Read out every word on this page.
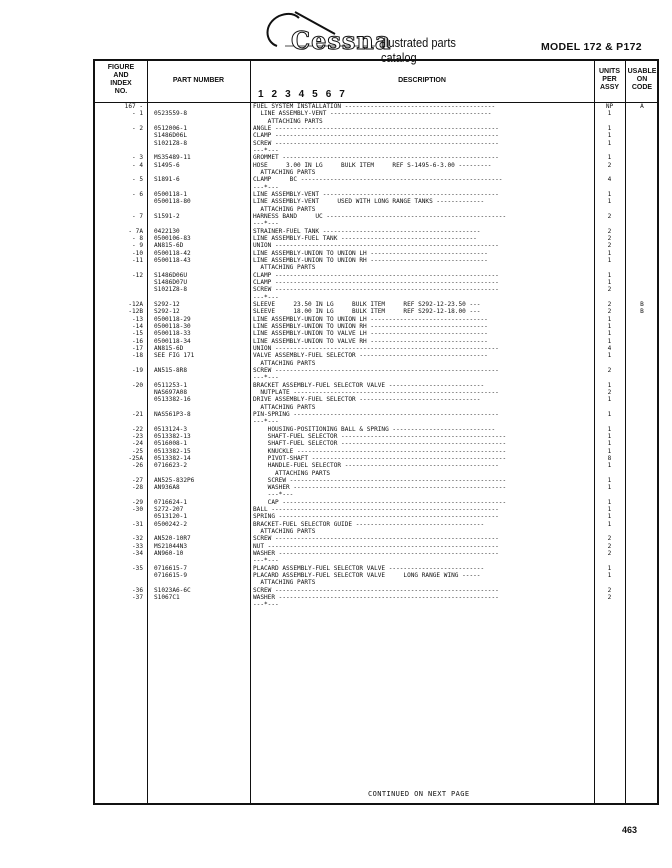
Cessna
illustrated parts catalog
MODEL 172 & P172
FIGURE
AND
INDEX
NO.
PART NUMBER	DESCRIPTION
UNITS
PER
ASSY
USABLE
ON
CODE
1 2 3 4 5 6 7
167 -	FUEL SYSTEM INSTALLATION -----------------------------------------	NP	A
- 1 0523559-8	LINE ASSEMBLY-VENT --------------------------------------------	1
ATTACHING PARTS
- 2 0512006-1	ANGLE -------------------------------------------------------------	1
S1486D06L	CLAMP -------------------------------------------------------------	1
S1021Z8-8	SCREW -------------------------------------------------------------	1
---*---
- 3 MS35489-11	GROMMET -----------------------------------------------------------	1
- 4 S1495-6	HOSE     3.00 IN LG     BULK ITEM     REF S-1495-6-3.00 ---------	2
ATTACHING PARTS
- 5 S1891-6	CLAMP     BC -------------------------------------------------------	4
---*---
- 6 0500118-1	LINE ASSEMBLY-VENT ------------------------------------------------	1
0500118-80	LINE ASSEMBLY-VENT     USED WITH LONG RANGE TANKS -------------	1
ATTACHING PARTS
- 7 S1591-2	HARNESS BAND     UC -------------------------------------------------	2
---*---
- 7A 0422130	STRAINER-FUEL TANK -------------------------------------------	2
- 8 0500106-83	LINE ASSEMBLY-FUEL TANK -------------------------------------	2
- 9 AN815-6D	UNION -------------------------------------------------------------	2
-10 0500118-42	LINE ASSEMBLY-UNION TO UNION LH --------------------------------	1
-11 0500118-43	LINE ASSEMBLY-UNION TO UNION RH --------------------------------	1
ATTACHING PARTS
-12 S1486D06U	CLAMP -------------------------------------------------------------	1
S1486D07U	CLAMP -------------------------------------------------------------	1
S1021Z8-8	SCREW -------------------------------------------------------------	2
---*---
-12A S292-12	SLEEVE     23.50 IN LG     BULK ITEM     REF S292-12-23.50 ---	2	B
-12B S292-12	SLEEVE     18.00 IN LG     BULK ITEM     REF S292-12-18.00 ---	2	B
-13 0500118-29	LINE ASSEMBLY-UNION TO UNION LH --------------------------------	1
-14 0500118-30	LINE ASSEMBLY-UNION TO UNION RH --------------------------------	1
-15 0500118-33	LINE ASSEMBLY-UNION TO VALVE LH --------------------------------	1
-16 0500118-34	LINE ASSEMBLY-UNION TO VALVE RH --------------------------------	1
-17 AN815-6D	UNION -------------------------------------------------------------	4
-18 SEE FIG 171	VALVE ASSEMBLY-FUEL SELECTOR -----------------------------------	1
ATTACHING PARTS
-19 AN515-8R8	SCREW -------------------------------------------------------------	2
---*---
-20 0511253-1	BRACKET ASSEMBLY-FUEL SELECTOR VALVE --------------------------	1
NAS697A08	NUTPLATE --------------------------------------------------------	2
0513382-16	DRIVE ASSEMBLY-FUEL SELECTOR ---------------------------------	1
ATTACHING PARTS
-21 NAS561P3-8	PIN-SPRING --------------------------------------------------------	1
---*---
-22 0513124-3	HOUSING-POSITIONING BALL & SPRING ----------------------------	1
-23 0513382-13	SHAFT-FUEL SELECTOR ---------------------------------------------	1
-24 0516008-1	SHAFT-FUEL SELECTOR ---------------------------------------------	1
-25 0513382-15	KNUCKLE ---------------------------------------------------------	1
-25A 0513382-14	PIVOT-SHAFT -----------------------------------------------------	8
-26 0716623-2	HANDLE-FUEL SELECTOR ------------------------------------------	1
ATTACHING PARTS
-27 AN525-832P6	SCREW -----------------------------------------------------------	1
-28 AN936A8	WASHER ----------------------------------------------------------	1
---*---
-29 0716624-1	CAP -------------------------------------------------------------	1
-30 S272-207	BALL --------------------------------------------------------------	1
0513120-1	SPRING ------------------------------------------------------------	1
-31 0500242-2	BRACKET-FUEL SELECTOR GUIDE -----------------------------------	1
ATTACHING PARTS
-32 AN520-10R7	SCREW -------------------------------------------------------------	2
-33 MS21044N3	NUT ---------------------------------------------------------------	2
-34 AN960-10	WASHER ------------------------------------------------------------	2
---*---
-35 0716615-7	PLACARD ASSEMBLY-FUEL SELECTOR VALVE --------------------------	1
0716615-9	PLACARD ASSEMBLY-FUEL SELECTOR VALVE     LONG RANGE WING -----	1
ATTACHING PARTS
-36 S1023A6-6C	SCREW -------------------------------------------------------------	2
-37 S1067C1	WASHER ------------------------------------------------------------	2
---*---
CONTINUED ON NEXT PAGE
463
